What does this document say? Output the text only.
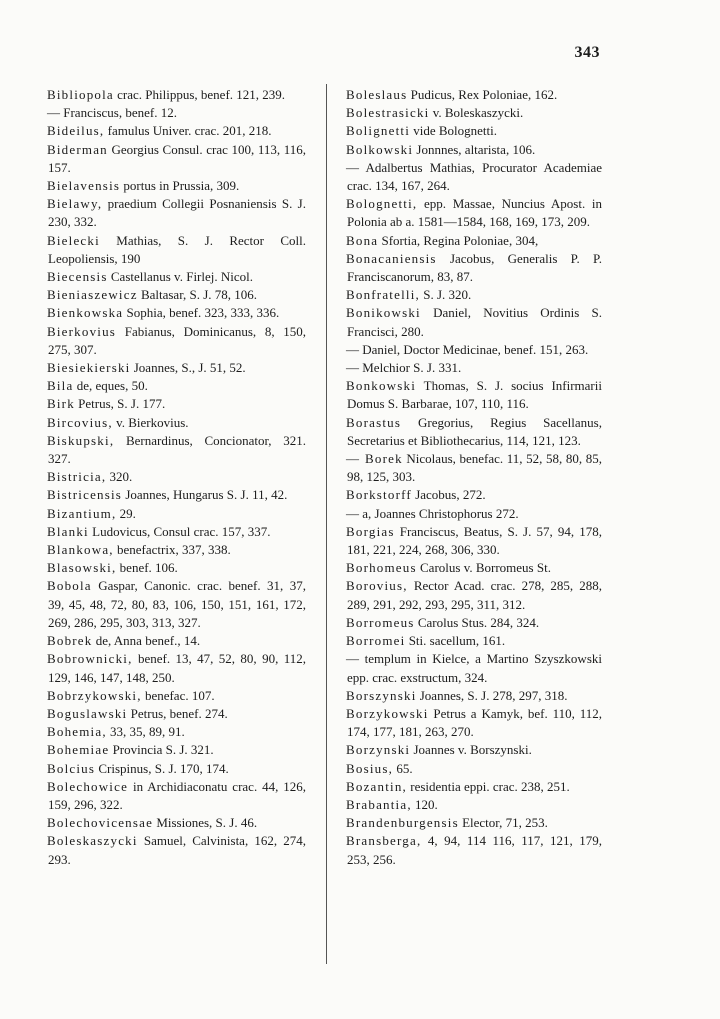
343
Bibliopola crac. Philippus, benef. 121, 239.
— Franciscus, benef. 12.
Bideilus, famulus Univer. crac. 201, 218.
Biderman Georgius Consul. crac 100, 113, 116, 157.
Bielavensis portus in Prussia, 309.
Bielawy, praedium Collegii Posnaniensis S. J. 230, 332.
Bielecki Mathias, S. J. Rector Coll. Leopoliensis, 190
Biecensis Castellanus v. Firlej. Nicol.
Bieniaszewicz Baltasar, S. J. 78, 106.
Bienkowska Sophia, benef. 323, 333, 336.
Bierkovius Fabianus, Dominicanus, 8, 150, 275, 307.
Biesiekierski Joannes, S., J. 51, 52.
Bila de, eques, 50.
Birk Petrus, S. J. 177.
Bircovius, v. Bierkovius.
Biskupski, Bernardinus, Concionator, 321. 327.
Bistricia, 320.
Bistricensis Joannes, Hungarus S. J. 11, 42.
Bizantium, 29.
Blanki Ludovicus, Consul crac. 157, 337.
Blankowa, benefactrix, 337, 338.
Blasowski, benef. 106.
Bobola Gaspar, Canonic. crac. benef. 31, 37, 39, 45, 48, 72, 80, 83, 106, 150, 151, 161, 172, 269, 286, 295, 303, 313, 327.
Bobrek de, Anna benef., 14.
Bobrownicki, benef. 13, 47, 52, 80, 90, 112, 129, 146, 147, 148, 250.
Bobrzykowski, benefac. 107.
Boguslawski Petrus, benef. 274.
Bohemia, 33, 35, 89, 91.
Bohemiae Provincia S. J. 321.
Bolcius Crispinus, S. J. 170, 174.
Bolechowice in Archidiaconatu crac. 44, 126, 159, 296, 322.
Bolechovicensae Missiones, S. J. 46.
Boleskaszycki Samuel, Calvinista, 162, 274, 293.
Boleslaus Pudicus, Rex Poloniae, 162.
Bolestrasicki v. Boleskaszycki.
Bolignetti vide Bolognetti.
Bolkowski Jonnnes, altarista, 106.
— Adalbertus Mathias, Procurator Academiae crac. 134, 167, 264.
Bolognetti, epp. Massae, Nuncius Apost. in Polonia ab a. 1581—1584, 168, 169, 173, 209.
Bona Sfortia, Regina Poloniae, 304,
Bonacaniensis Jacobus, Generalis P. P. Franciscanorum, 83, 87.
Bonfratelli, S. J. 320.
Bonikowski Daniel, Novitius Ordinis S. Francisci, 280.
— Daniel, Doctor Medicinae, benef. 151, 263.
— Melchior S. J. 331.
Bonkowski Thomas, S. J. socius Infirmarii Domus S. Barbarae, 107, 110, 116.
Borastus Gregorius, Regius Sacellanus, Secretarius et Bibliothecarius, 114, 121, 123.
— Borek Nicolaus, benefac. 11, 52, 58, 80, 85, 98, 125, 303.
Borkstorff Jacobus, 272.
— a, Joannes Christophorus 272.
Borgias Franciscus, Beatus, S. J. 57, 94, 178, 181, 221, 224, 268, 306, 330.
Borhomeus Carolus v. Borromeus St.
Borovius, Rector Acad. crac. 278, 285, 288, 289, 291, 292, 293, 295, 311, 312.
Borromeus Carolus Stus. 284, 324.
Borromei Sti. sacellum, 161.
— templum in Kielce, a Martino Szyszkowski epp. crac. exstructum, 324.
Borszynski Joannes, S. J. 278, 297, 318.
Borzykowski Petrus a Kamyk, bef. 110, 112, 174, 177, 181, 263, 270.
Borzynski Joannes v. Borszynski.
Bosius, 65.
Bozantin, residentia eppi. crac. 238, 251.
Brabantia, 120.
Brandenburgensis Elector, 71, 253.
Bransberga, 4, 94, 114 116, 117, 121, 179, 253, 256.
